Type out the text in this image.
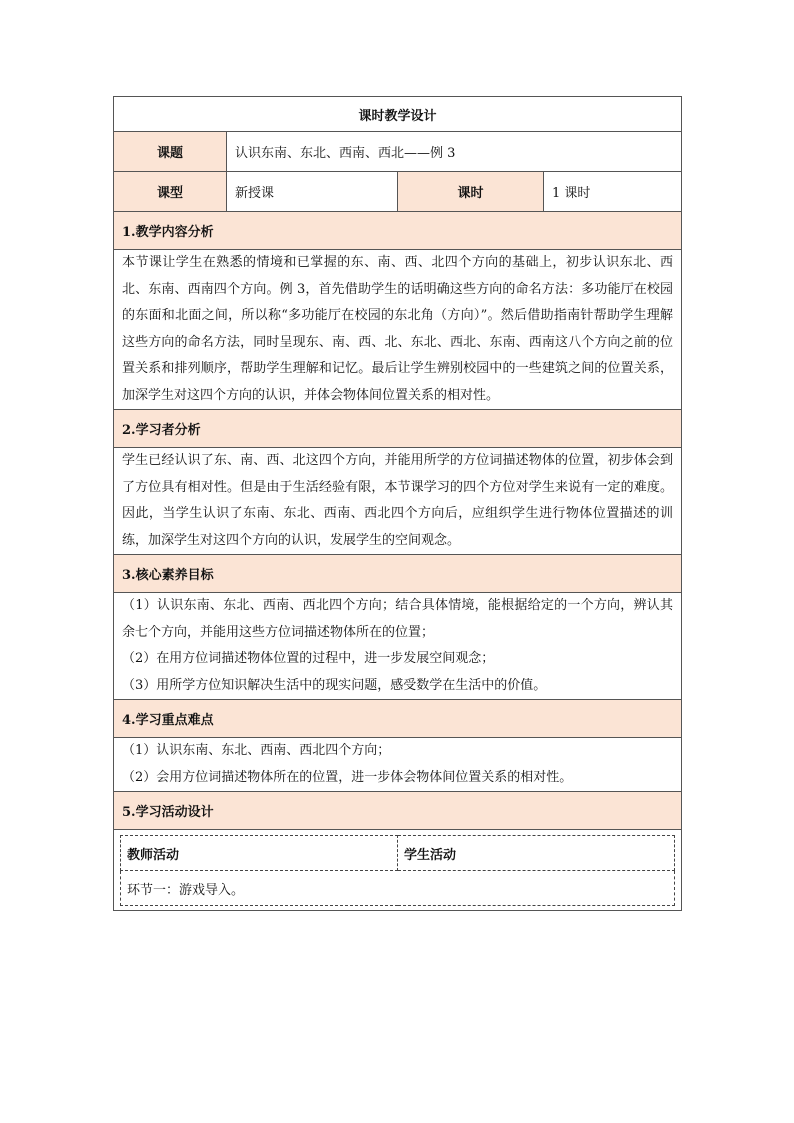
课时教学设计
课题	认识东南、东北、西南、西北——例 3
课型	新授课	课时	1 课时
1.教学内容分析
本节课让学生在熟悉的情境和已掌握的东、南、西、北四个方向的基础上，初步认识东北、西北、东南、西南四个方向。例 3，首先借助学生的话明确这些方向的命名方法：多功能厅在校园的东面和北面之间，所以称“多功能厅在校园的东北角（方向）”。然后借助指南针帮助学生理解这些方向的命名方法，同时呈现东、南、西、北、东北、西北、东南、西南这八个方向之前的位置关系和排列顺序，帮助学生理解和记忆。最后让学生辨别校园中的一些建筑之间的位置关系，加深学生对这四个方向的认识，并体会物体间位置关系的相对性。
2.学习者分析
学生已经认识了东、南、西、北这四个方向，并能用所学的方位词描述物体的位置，初步体会到了方位具有相对性。但是由于生活经验有限，本节课学习的四个方位对学生来说有一定的难度。因此，当学生认识了东南、东北、西南、西北四个方向后，应组织学生进行物体位置描述的训练，加深学生对这四个方向的认识，发展学生的空间观念。
3.核心素养目标

（1）认识东南、东北、西南、西北四个方向；结合具体情境，能根据给定的一个方向，辨认其余七个方向，并能用这些方位词描述物体所在的位置；

（2）在用方位词描述物体位置的过程中，进一步发展空间观念；

（3）用所学方位知识解决生活中的现实问题，感受数学在生活中的价值。

4.学习重点难点

（1）认识东南、东北、西南、西北四个方向；

（2）会用方位词描述物体所在的位置，进一步体会物体间位置关系的相对性。

5.学习活动设计

教师活动	学生活动
环节一：游戏导入。
